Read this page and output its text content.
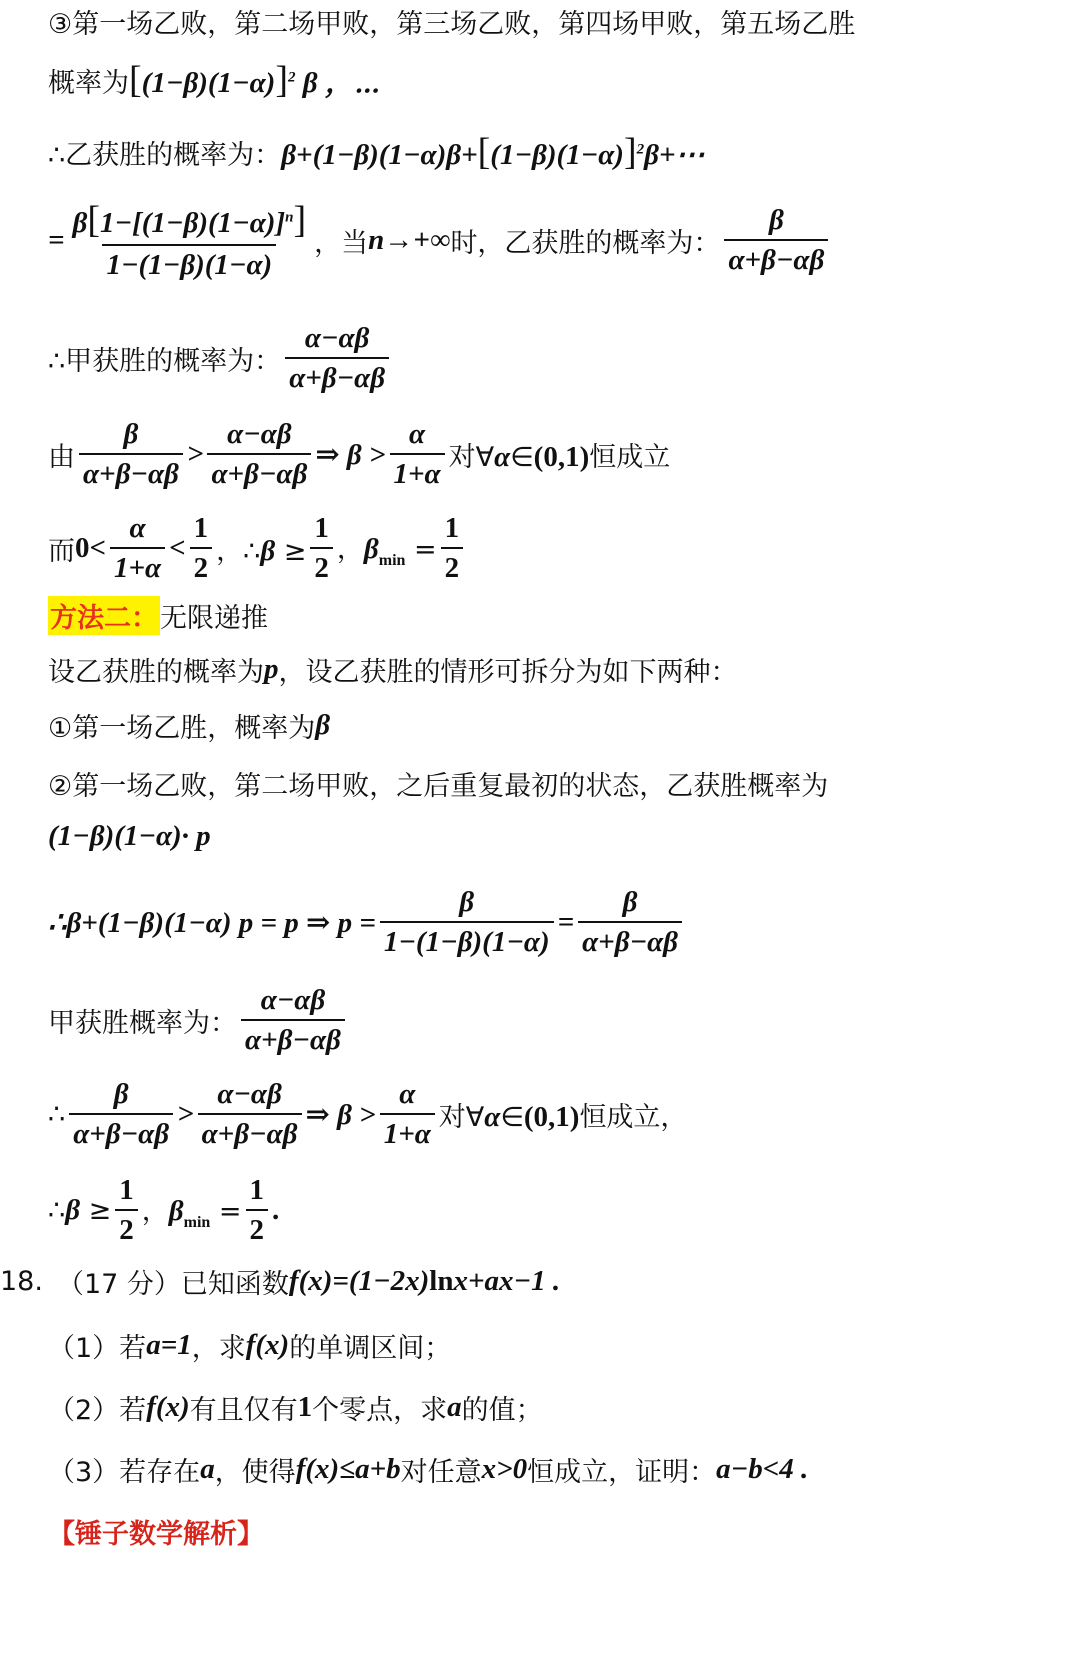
③第一场乙败，第二场甲败，第三场乙败，第四场甲败，第五场乙胜
概率为 $[(1-\beta)(1-\alpha)]^2$ β ，⋯
∴乙获胜的概率为： $\beta+(1-\beta)(1-\alpha)\beta+[(1-\beta)(1-\alpha)]^2\beta+\cdots$
= $\frac{\beta[1-[(1-\beta)(1-\alpha)]^n]}{1-(1-\beta)(1-\alpha)}$ ，当 n→+∞ 时，乙获胜的概率为： $\frac{\beta}{\alpha+\beta-\alpha\beta}$
∴甲获胜的概率为： $\frac{\alpha-\alpha\beta}{\alpha+\beta-\alpha\beta}$
由 $\frac{\beta}{\alpha+\beta-\alpha\beta} > \frac{\alpha-\alpha\beta}{\alpha+\beta-\alpha\beta}$ ⇒ $\beta > \frac{\alpha}{1+\alpha}$ 对∀α∈(0,1) 恒成立
而 $0< \frac{\alpha}{1+\alpha} < \frac{1}{2}$ ，∴β ≥ $\frac{1}{2}$ ，$\beta_{min} = \frac{1}{2}$
方法二： 无限递推
设乙获胜的概率为 p ，设乙获胜的情形可拆分为如下两种：
①第一场乙胜，概率为 β
②第一场乙败，第二场甲败，之后重复最初的状态，乙获胜概率为
(1−β)(1−α)· p
∴β+(1−β)(1−α) p = p ⇒ $p = \frac{\beta}{1-(1-\beta)(1-\alpha)} = \frac{\beta}{\alpha+\beta-\alpha\beta}$
甲获胜概率为： $\frac{\alpha-\alpha\beta}{\alpha+\beta-\alpha\beta}$
∴ $\frac{\beta}{\alpha+\beta-\alpha\beta} > \frac{\alpha-\alpha\beta}{\alpha+\beta-\alpha\beta}$ ⇒ $\beta > \frac{\alpha}{1+\alpha}$ 对∀α∈(0,1) 恒成立，
∴β ≥ $\frac{1}{2}$ ，$\beta_{min} = \frac{1}{2}$ .
18. （17 分）已知函数 f(x)=(1−2x)lnx+ax−1 .
（1）若 a=1 ，求 f(x) 的单调区间；
（2）若 f(x) 有且仅有 1 个零点，求 a 的值；
（3）若存在 a ，使得 f(x)≤a+b 对任意 x>0 恒成立，证明： a−b<4 .
【锤子数学解析】
